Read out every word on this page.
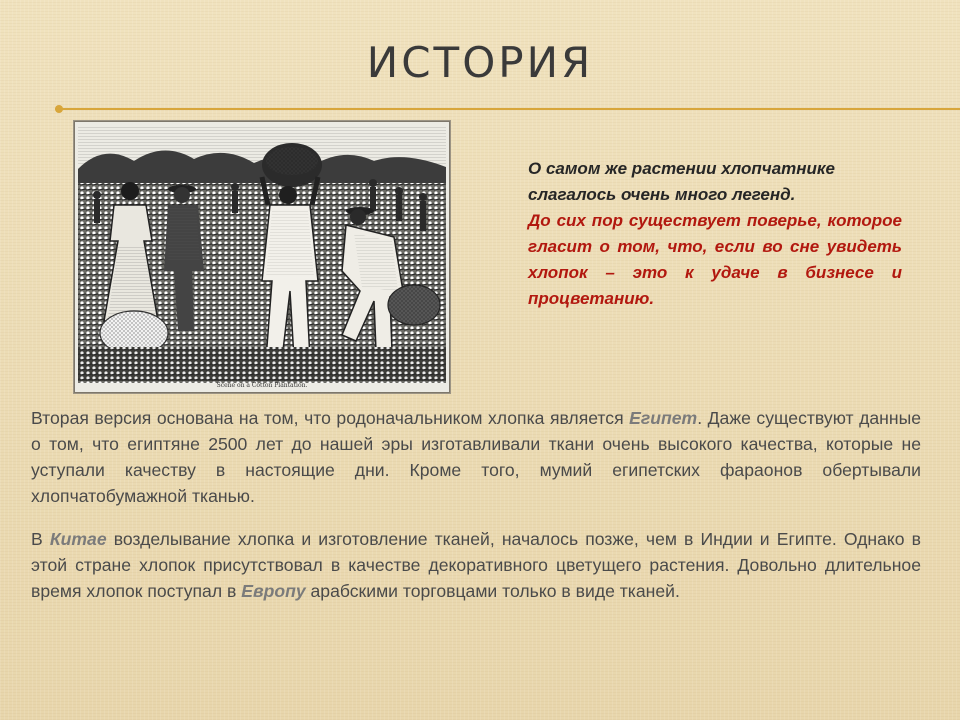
ИСТОРИЯ
Scene on a Cotton Plantation.
О самом же растении хлопчатнике
слагалось очень много легенд.
До сих пор существует поверье, которое гласит о том, что, если во сне увидеть хлопок – это к удаче в бизнесе и процветанию.
Вторая версия основана на том, что родоначальником хлопка является Египет. Даже существуют данные о том, что египтяне 2500 лет до нашей эры изготавливали ткани очень высокого качества, которые не уступали качеству в настоящие дни. Кроме того, мумий египетских фараонов обертывали хлопчатобумажной тканью.
В Китае возделывание хлопка и изготовление тканей, началось позже, чем в Индии и Египте. Однако в этой стране хлопок присутствовал в качестве декоративного цветущего растения. Довольно длительное время хлопок поступал в Европу арабскими торговцами только в виде тканей.
